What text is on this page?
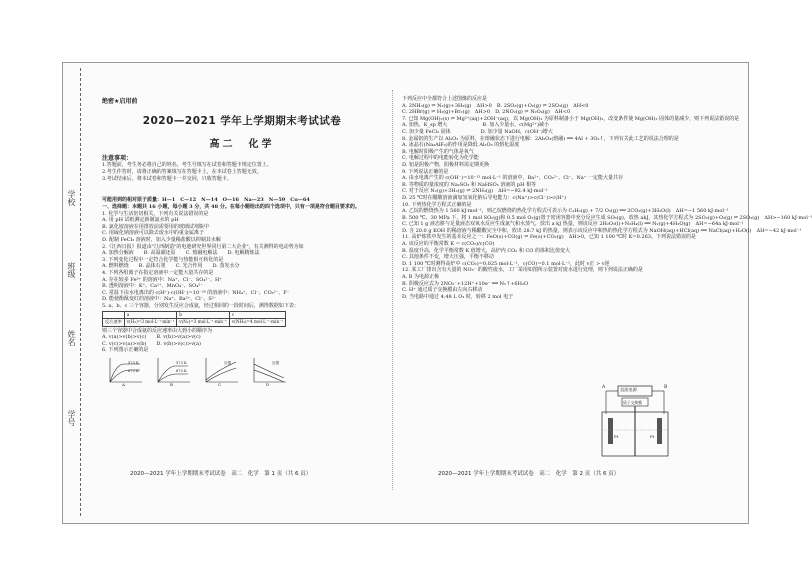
学校
班级
姓名
学号
绝密★启用前
2020—2021 学年上学期期末考试试卷
高二　化学
注意事项：
1.答题前，考生务必将自己的姓名、考生号填写在试卷和答题卡规定位置上。
2.考生作答时，请将正确的答案填写在答题卡上，在本试卷上答题无效。
3.考试结束后，将本试卷和答题卡一并交回，只收答题卡。
可能用到的相对原子质量：H—1　C—12　N—14　O—16　Na—23　N—59　Cu—64
一、选择题：本题共 16 小题，每小题 3 分，共 48 分。在每小题给出的四个选项中，只有一项是符合题目要求的。
1. 化学与生活密切相关，下列有关说法错误的是
A. 用 pH 试纸测定新制氯水的 pH
B. 氯化铵溶液在用排放前需要用的玻璃试剂瓶中
C. 用硫化钠溶液可以除去废水中的重金属离子
D. 配制 FeCl₃ 溶液时，加入少量稀盐酸以抑制其水解
2.《江西日报》报道由"江西制造"的电池研究世界同行第二大企业"，有关测得的电动势为如
A. 加热分解液　　B. 高温碳还原　　C. 熔融电解法　　D. 电解精炼法
3. 下列变化过程中一定符合化学能与热能相互转化的是
A. 燃料燃烧　　B. 晶体石墨　　C. 光合作用　　D. 蒸发水分
4. 下列各组离子在指定溶液中一定能大量共存的是
A. 存在较多 Fe³⁺ 的溶液中：Na⁺、Cl⁻、SO₄²⁻、H⁺
B. 透明溶液中：K⁺、Ca²⁺、MnO₄⁻、SO₄²⁻
C. 常温下由水电离出的 c(H⁺)·c(OH⁻)=10⁻²⁰ 的溶液中：NH₄⁺、Cl⁻、CO₃²⁻、F⁻
D. 能使酚酞变红的溶液中：Na⁺、Ba²⁺、Cl⁻、S²⁻
5. a、b、c 三个容器，分别发生反应合成氨，经过相同的一段时间后，测得数据如下表：
	a	b	c
反应速率	v(H₂)=3 mol·L⁻¹·min⁻¹	v(N₂)=3 mol·L⁻¹·min⁻¹	v(NH₃)=4 mol·L⁻¹·min⁻¹
则三个容器中合成氨的反应速率由大到小的顺序为
A. v(a)>v(b)>v(c)　　B. v(b)>v(a)>v(c)
C. v(c)>v(a)>v(b)　　D. v(b)>v(c)>v(a)
6. 下列图示正确的是
573 K
673 K
A
573 K
673 K
B
压强
C
压强
D
下列反应中全都符合上述图像的反应是
A. 2NH₃(g) ⇌ N₂(g)+3H₂(g)　ΔH>0　B. 2SO₂(g)+O₂(g) ⇌ 2SO₃(g)　ΔH<0
C. 2HBr(g) ⇌ H₂(g)+Br₂(g)　ΔH>0　D. 2NO₂(g) ⇌ N₂O₄(g)　ΔH<0
7. 已知 Mg(OH)₂(s) ⇌ Mg²⁺(aq)+2OH⁻(aq)，以 Mg(OH)₂ 为原料制备小于 Mg(OH)₂，改变条件使 Mg(OH)₂ 固体的量减少，则下列说法错误的是
A. 加热，K_sp 增大　　　　　　　B. 加入少量水，c(Mg²⁺)减小
C. 加少量 FeCl₃ 固体　　　　　　D. 加少量 NaOH，c(OH⁻)增大
8. 金属铝的生产以 Al₂O₃ 为原料，在熔融状态下进行电解：2Al₂O₃(熔融) ══ 4Al + 3O₂↑，下列有关此工艺的说法合理的是
A. 冰晶石(Na₃AlF₆)的作用是降低 Al₂O₃ 的熔化温度
B. 电解时阳极产生的气体是氧气
C. 电解过程中的电能转化为化学能
D. 铝是阴极产物，阴极材料需定期更换
9. 下列说法正确的是
A. 由水电离产生的 c(OH⁻)=10⁻¹³ mol·L⁻¹ 的溶液中，Ba²⁺、CO₃²⁻、Cl⁻、Na⁺ 一定能大量共存
B. 等物质的量浓度的 Na₂SO₃ 和 NaHSO₃ 溶液的 pH 相等
C. 对于反应 N₂(g)+3H₂(g) ⇌ 2NH₃(g)　ΔH=−92.4 kJ·mol⁻¹
D. 25 ℃时在醋酸溶液滴加氢氧化钠后导电能力：c(Na⁺)>c(Cl⁻)>c(H⁺)
10. 下列热化学方程式正确的是
A. 乙烷的燃烧热为 1 560 kJ·mol⁻¹，则乙烷燃烧的热化学方程式可表示为 C₂H₆(g) + 7/2 O₂(g) ══ 2CO₂(g)+3H₂O(l)　ΔH=−1 560 kJ·mol⁻¹
B. 500 ℃、30 MPa 下，将 1 mol SO₂(g)和 0.5 mol O₂(g)置于密闭容器中充分反应生成 SO₃(g)，放热 akJ，其热化学方程式为 2SO₂(g)+O₂(g) ⇌ 2SO₃(g)　ΔH>−160 kJ·mol⁻¹
C. 已知 1 g 液态肼与足量液态双氧水反应生成氮气和水蒸气，放出 a kJ 热量，则该反应 2H₂O₂(l)+N₂H₄(l) ══ N₂(g)+4H₂O(g)　ΔH=−64a kJ·mol⁻¹
D. 含 20.0 g KOH 的稀溶液与稀醋酸完全中和，放出 28.7 kJ 的热量，则表示该反应中和热的热化学方程式为 NaOH(aq)+HCl(aq) ══ NaCl(aq)+H₂O(l)　ΔH=−42 kJ·mol⁻¹
11. 高炉炼铁中发生的基本反应之一：FeO(s)+CO(g) ⇌ Fe(s)+CO₂(g)　ΔH>0，已知 1 100 ℃时 K=0.263。下列说法错误的是
A. 该反应的平衡常数 K = c(CO₂)/c(CO)
B. 温度升高，化学平衡常数 K 值增大，高炉内 CO₂ 和 CO 的体积比值变大
C. 其他条件不变，增大压强，平衡不移动
D. 1 100 ℃时测得高炉中 c(CO₂)=0.025 mol·L⁻¹，c(CO)=0.1 mol·L⁻¹，此时 v正 > v逆
12. 某工厂排出含有大量的 NO₃⁻ 的酸性废水，工厂采用如图所示装置对废水进行处理，则下列说法正确的是
A. B 为电源正极
B. 阴极反应式为 2NO₃⁻+12H⁺+10e⁻ ══ N₂↑+6H₂O
C. H⁺ 通过质子交换膜由左向右移动
D. 当电路中通过 4.48 L O₂ 时，转移 2 mol 电子
直流电源
质子交换膜
A	B
Pt	Pt
2020—2021 学年上学期期末考试试卷　高二　化学　第 1 页（共 6 页）	2020—2021 学年上学期期末考试试卷　高二　化学　第 2 页（共 6 页）
